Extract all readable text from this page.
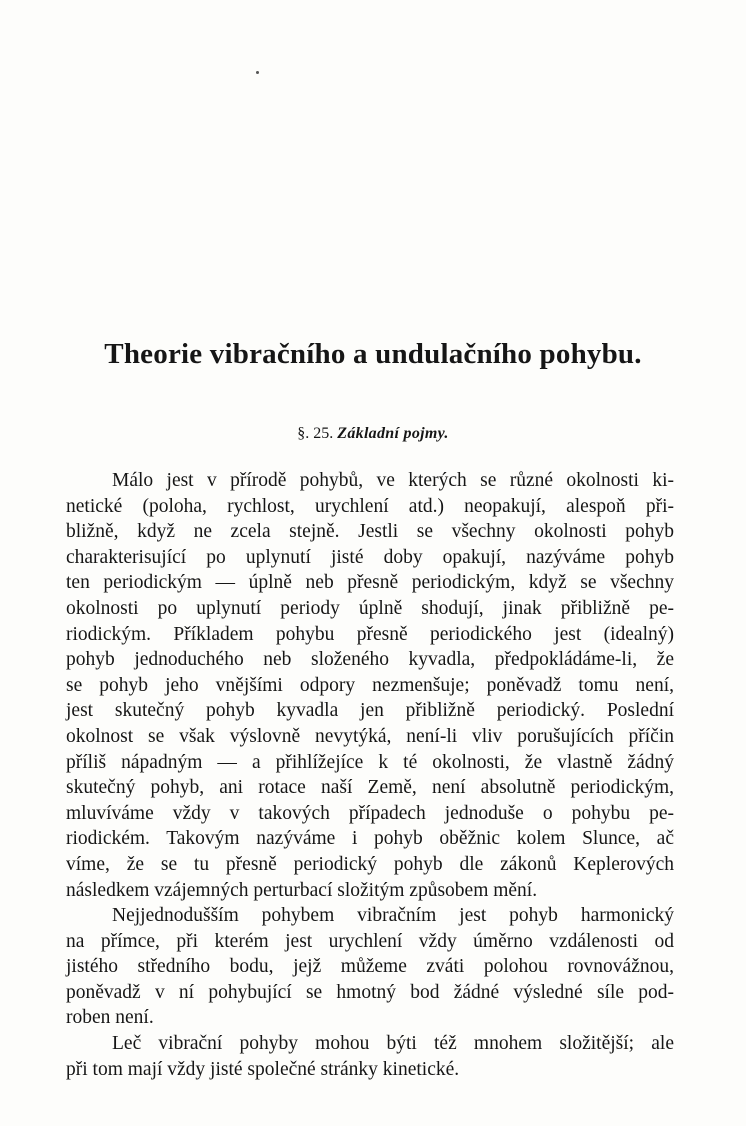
Theorie vibračního a undulačního pohybu.
§. 25. Základní pojmy.

Málo jest v přírodě pohybů, ve kterých se různé okolnosti ki-
netické (poloha, rychlost, urychlení atd.) neopakují, alespoň při-
bližně, když ne zcela stejně. Jestli se všechny okolnosti pohyb
charakterisující po uplynutí jisté doby opakují, nazýváme pohyb
ten periodickým — úplně neb přesně periodickým, když se všechny
okolnosti po uplynutí periody úplně shodují, jinak přibližně pe-
riodickým. Příkladem pohybu přesně periodického jest (idealný)
pohyb jednoduchého neb složeného kyvadla, předpokládáme-li, že
se pohyb jeho vnějšími odpory nezmenšuje; poněvadž tomu není,
jest skutečný pohyb kyvadla jen přibližně periodický. Poslední
okolnost se však výslovně nevytýká, není-li vliv porušujících příčin
příliš nápadným — a přihlížejíce k té okolnosti, že vlastně žádný
skutečný pohyb, ani rotace naší Země, není absolutně periodickým,
mluvíváme vždy v takových případech jednoduše o pohybu pe-
riodickém. Takovým nazýváme i pohyb oběžnic kolem Slunce, ač
víme, že se tu přesně periodický pohyb dle zákonů Keplerových
následkem vzájemných perturbací složitým způsobem mění.

Nejjednodušším pohybem vibračním jest pohyb harmonický
na přímce, při kterém jest urychlení vždy úměrno vzdálenosti od
jistého středního bodu, jejž můžeme zváti polohou rovnovážnou,
poněvadž v ní pohybující se hmotný bod žádné výsledné síle pod-
roben není.

Leč vibrační pohyby mohou býti též mnohem složitější; ale
při tom mají vždy jisté společné stránky kinetické.
